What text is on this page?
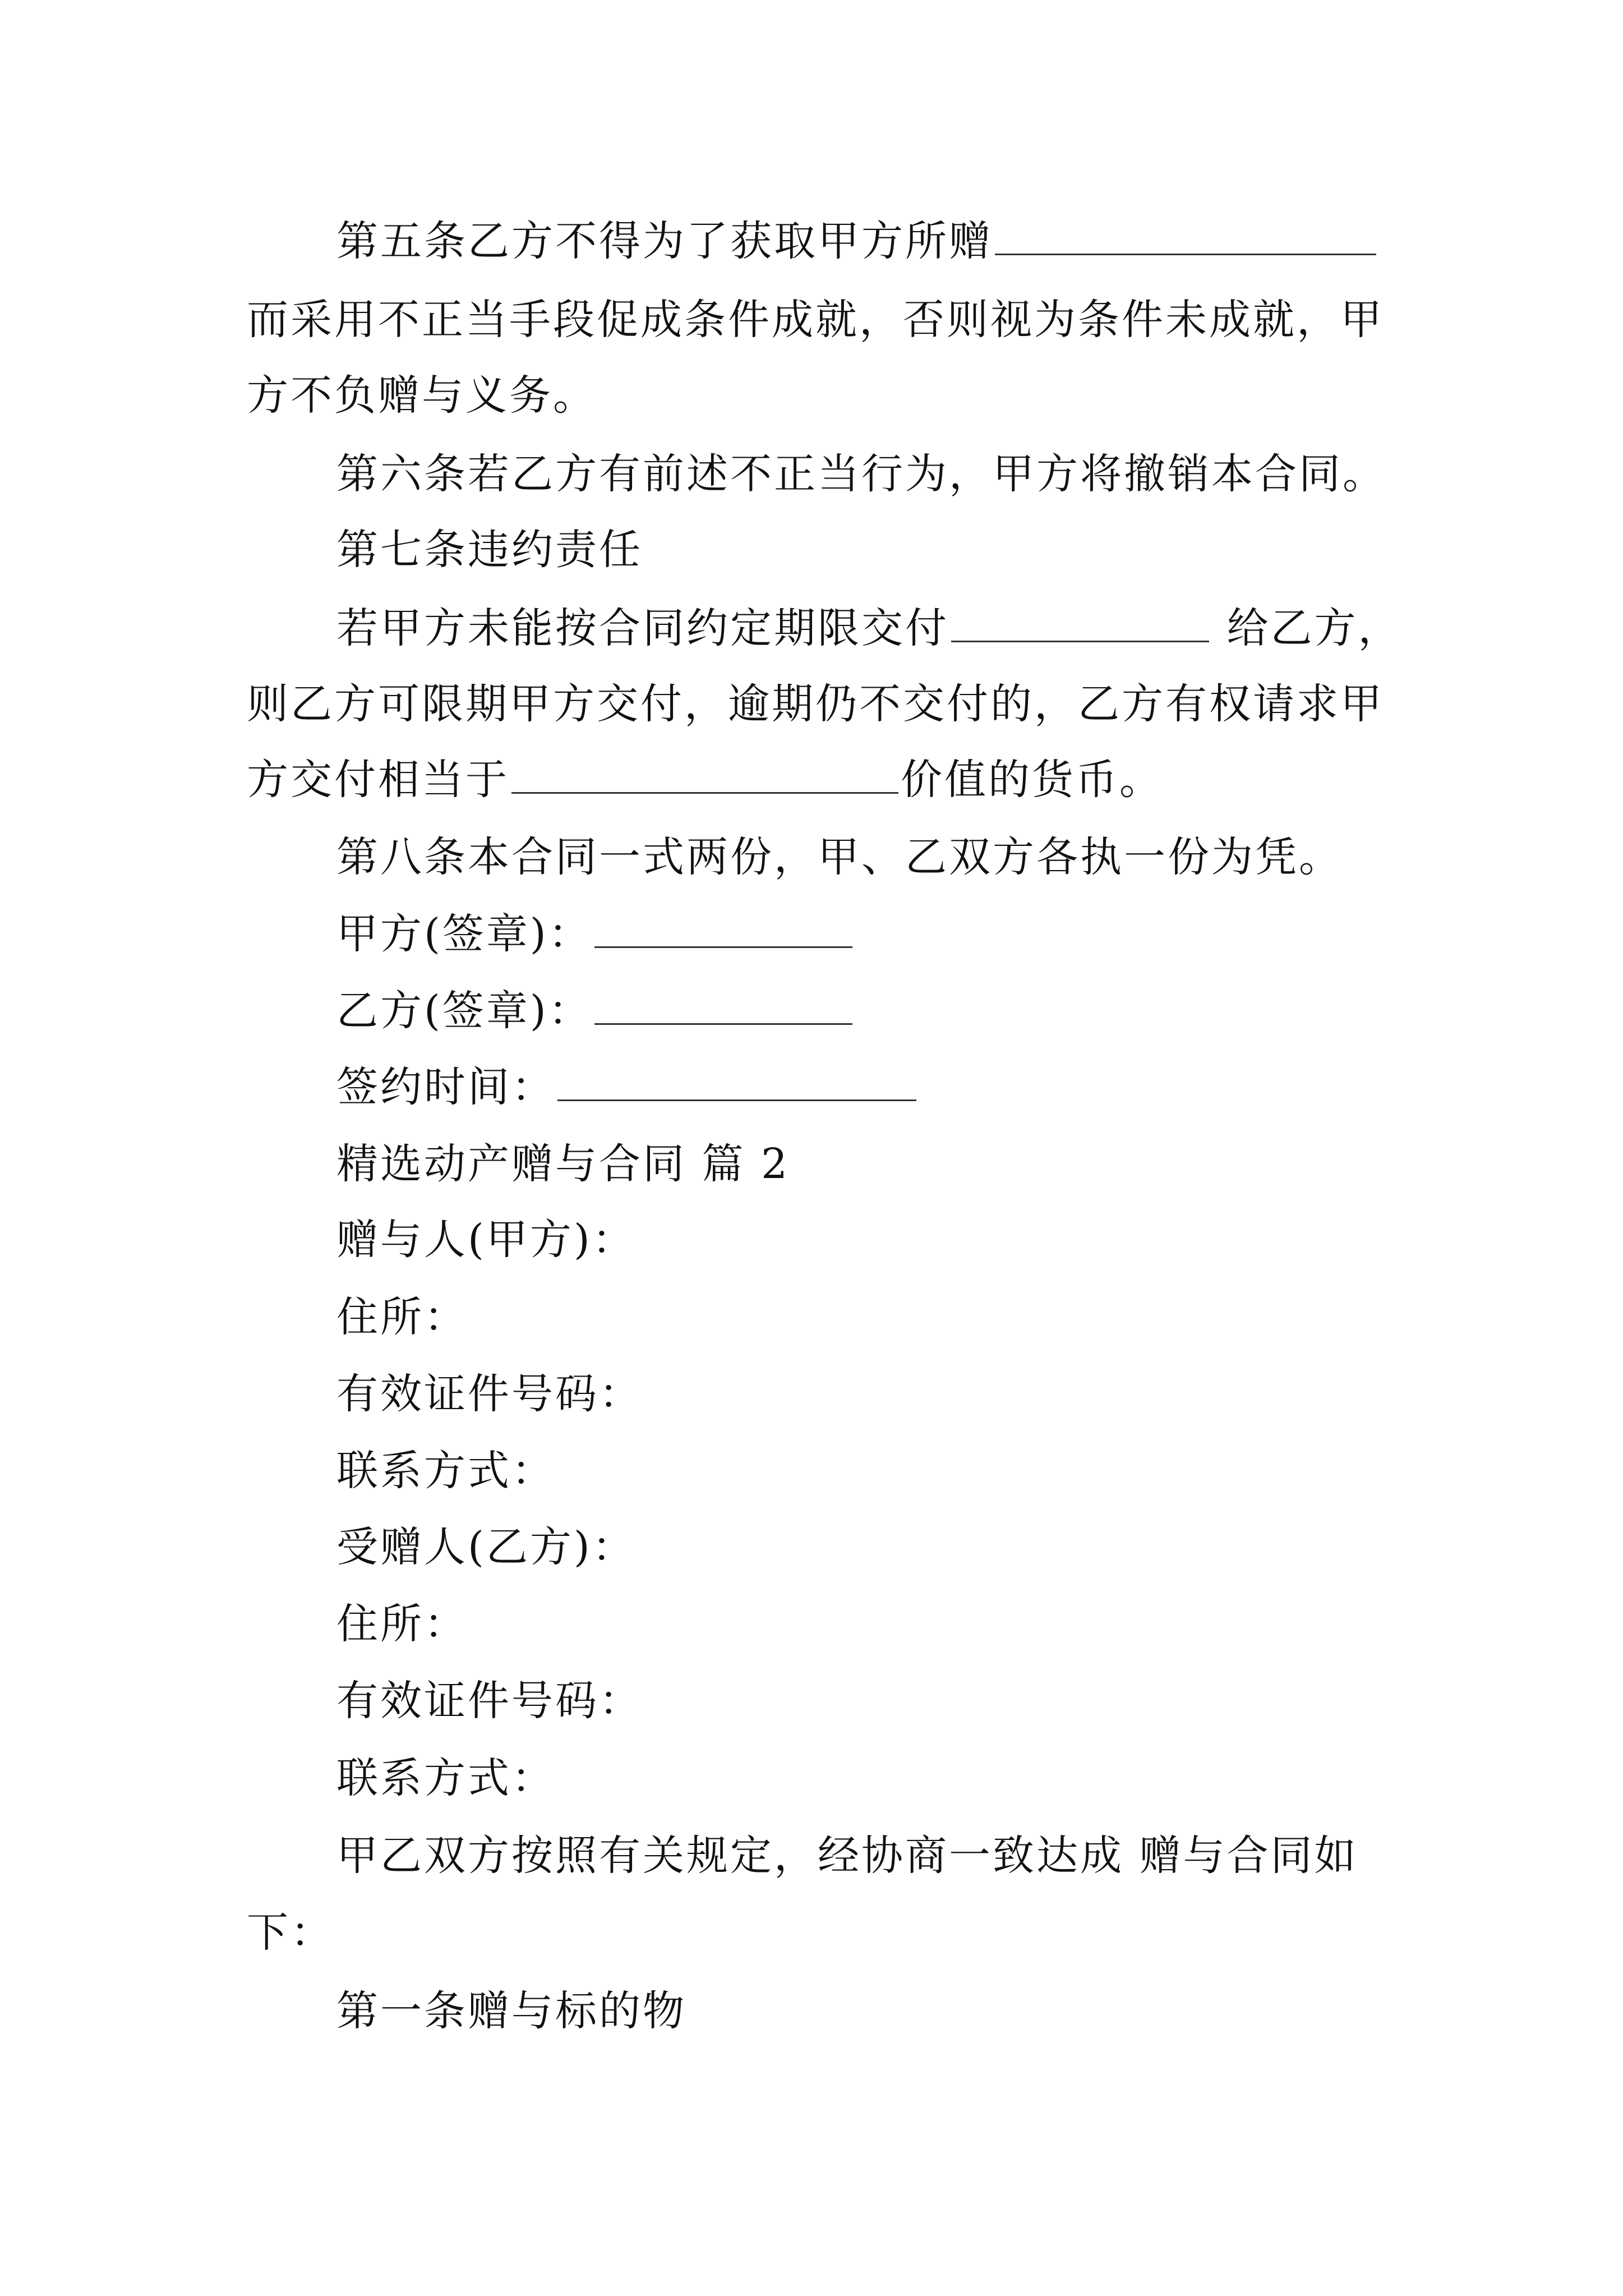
第五条乙方不得为了获取甲方所赠
而采用不正当手段促成条件成就，否则视为条件未成就，甲
方不负赠与义务。
第六条若乙方有前述不正当行为，甲方将撤销本合同。
第七条违约责任
若甲方未能按合同约定期限交付	给乙方，
则乙方可限期甲方交付，逾期仍不交付的，乙方有权请求甲
方交付相当于	价值的货币。
第八条本合同一式两份，甲、乙双方各执一份为凭。
甲方(签章)：
乙方(签章)：
签约时间：
精选动产赠与合同 篇 2
赠与人(甲方)：
住所：
有效证件号码：
联系方式：
受赠人(乙方)：
住所：
有效证件号码：
联系方式：
甲乙双方按照有关规定，经协商一致达成 赠与合同如
下：
第一条赠与标的物
